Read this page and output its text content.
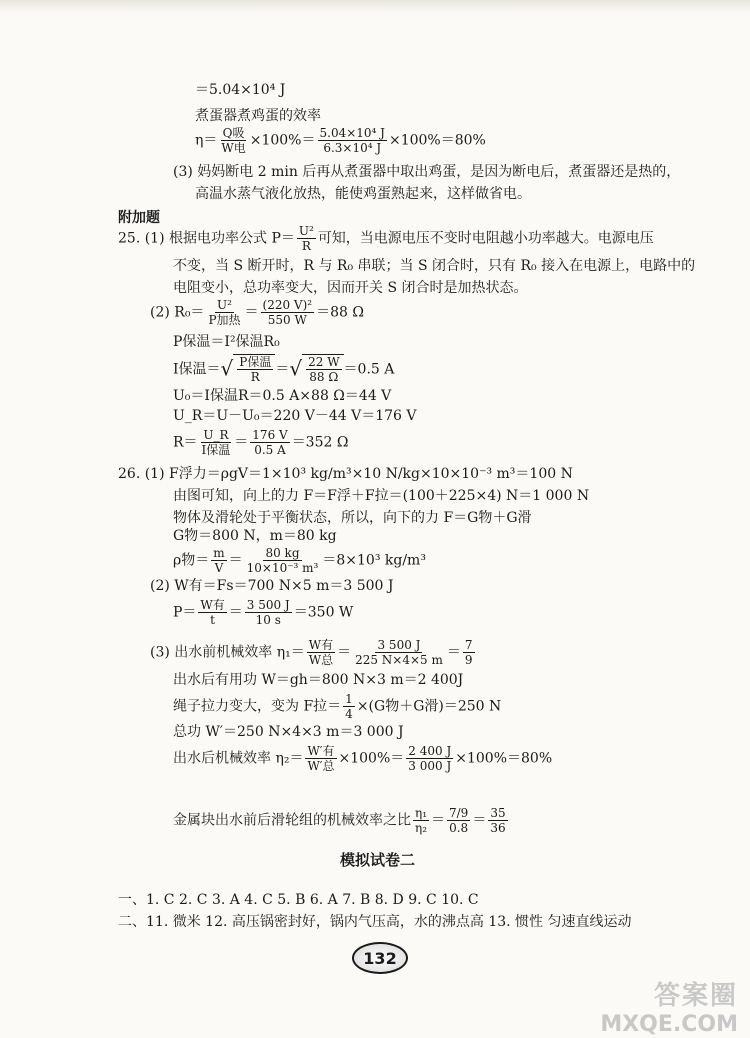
＝5.04×10⁴ J
煮蛋器煮鸡蛋的效率
$\eta= \frac{\text{Q吸}}{\text{W电}} \times 100\%= \frac{\text{5.04×10⁴ J}}{\text{6.3×10⁴ J}} \times 100\%=80\%$
(3) 妈妈断电 2 min 后再从煮蛋器中取出鸡蛋，是因为断电后，煮蛋器还是热的，
高温水蒸气液化放热，能使鸡蛋熟起来，这样做省电。
附加题
25. (1) 根据电功率公式 $P= \frac{\text{U²}}{R}$ 可知，当电源电压不变时电阻越小功率越大。电源电压
不变，当 S 断开时，R 与 R₀ 串联；当 S 闭合时，只有 R₀ 接入在电源上，电路中的
电阻变小，总功率变大，因而开关 S 闭合时是加热状态。
(2) $R_0= \frac{\text{U²}}{\text{P加热}} = \frac{\text{(220 V)²}}{550 W} =88$ Ω
P保温＝I²保温R₀
I保温＝√ $\frac{\text{P保温}}{R}$ ＝√ $\frac{22 W}{88 \Omega} =0.5$ A
U₀＝I保温R＝0.5 A×88 Ω＝44 V
U_R＝U－U₀＝220 V－44 V＝176 V
$R= \frac{U\_R}{\text{I保温}} = \frac{176 V}{0.5 A} =352$ Ω
26. (1) F浮力＝ρgV＝1×10³ kg/m³×10 N/kg×10×10⁻³ m³＝100 N
由图可知，向上的力 F＝F浮＋F拉＝(100＋225×4) N＝1 000 N
物体及滑轮处于平衡状态，所以，向下的力 F＝G物＋G滑
G物＝800 N，m＝80 kg
ρ物＝ $\frac{m}{V} = \frac{80 kg}{\text{10×10⁻³ m³}} =8\times 10^3$ kg/m³
(2) W有＝Fs＝700 N×5 m＝3 500 J
$P= \frac{\text{W有}}{t} = \frac{3 500 J}{10 s} =350$ W
(3) 出水前机械效率 $\eta_1= \frac{\text{W有}}{\text{W总}} = \frac{3 500 J}{225 N\times 4\times 5 m} = \frac{7}{9}$
出水后有用功 W＝gh＝800 N×3 m＝2 400J
绳子拉力变大，变为 F拉＝ $\frac{1}{4} \times(G$物＋G滑)＝250 N
总功 W′＝250 N×4×3 m＝3 000 J
出水后机械效率 $\eta_2= \frac{\text{W′有}}{\text{W′总}} \times 100\%= \frac{2 400 J}{3 000 J} \times 100\%=80\%$
金属块出水前后滑轮组的机械效率之比 $\frac{\text{η₁}}{\text{η₂}} = \frac{7/9}{0.8} = \frac{35}{36}$
模拟试卷二
一、1. C 2. C 3. A 4. C 5. B 6. A 7. B 8. D 9. C 10. C
二、11. 微米 12. 高压锅密封好，锅内气压高，水的沸点高 13. 惯性 匀速直线运动
132
答案圈
MXQE.COM
